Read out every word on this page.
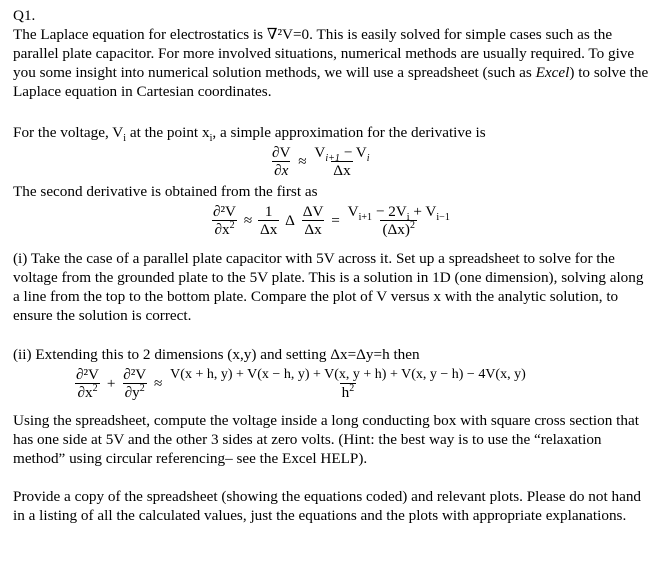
Q1.

The Laplace equation for electrostatics is ∇²V=0. This is easily solved for simple cases such as the parallel plate capacitor. For more involved situations, numerical methods are usually required. To give you some insight into numerical solution methods, we will use a spreadsheet (such as Excel) to solve the Laplace equation in Cartesian coordinates.

For the voltage, $V_i$ at the point $x_i$, a simple approximation for the derivative is

$\frac{\partial V}{\partial x} \approx \frac{V_{i+1} - V_i}{\Delta x}$

The second derivative is obtained from the first as

$\frac{\text{∂²V}}{\partial x^2} \approx \frac{1}{\Delta x}$ Δ $\frac{\Delta V}{\Delta x} = \frac{V_{i+1} - 2V_i + V_{i-1}}{(\Delta x)^2}$

(i) Take the case of a parallel plate capacitor with 5V across it. Set up a spreadsheet to solve for the voltage from the grounded plate to the 5V plate. This is a solution in 1D (one dimension), solving along a line from the top to the bottom plate. Compare the plot of V versus x with the analytic solution, to ensure the solution is correct.

(ii) Extending this to 2 dimensions (x,y) and setting Δx=Δy=h then

$\frac{\text{∂²V}}{\partial x^2} + \frac{\text{∂²V}}{\partial y^2}$ ≈
V(x + h, y) + V(x − h, y) + V(x, y + h) + V(x, y − h) − 4V(x, y)
$h^2$

Using the spreadsheet, compute the voltage inside a long conducting box with square cross section that has one side at 5V and the other 3 sides at zero volts. (Hint: the best way is to use the “relaxation method” using circular referencing– see the Excel HELP).

Provide a copy of the spreadsheet (showing the equations coded) and relevant plots. Please do not hand in a listing of all the calculated values, just the equations and the plots with appropriate explanations.
